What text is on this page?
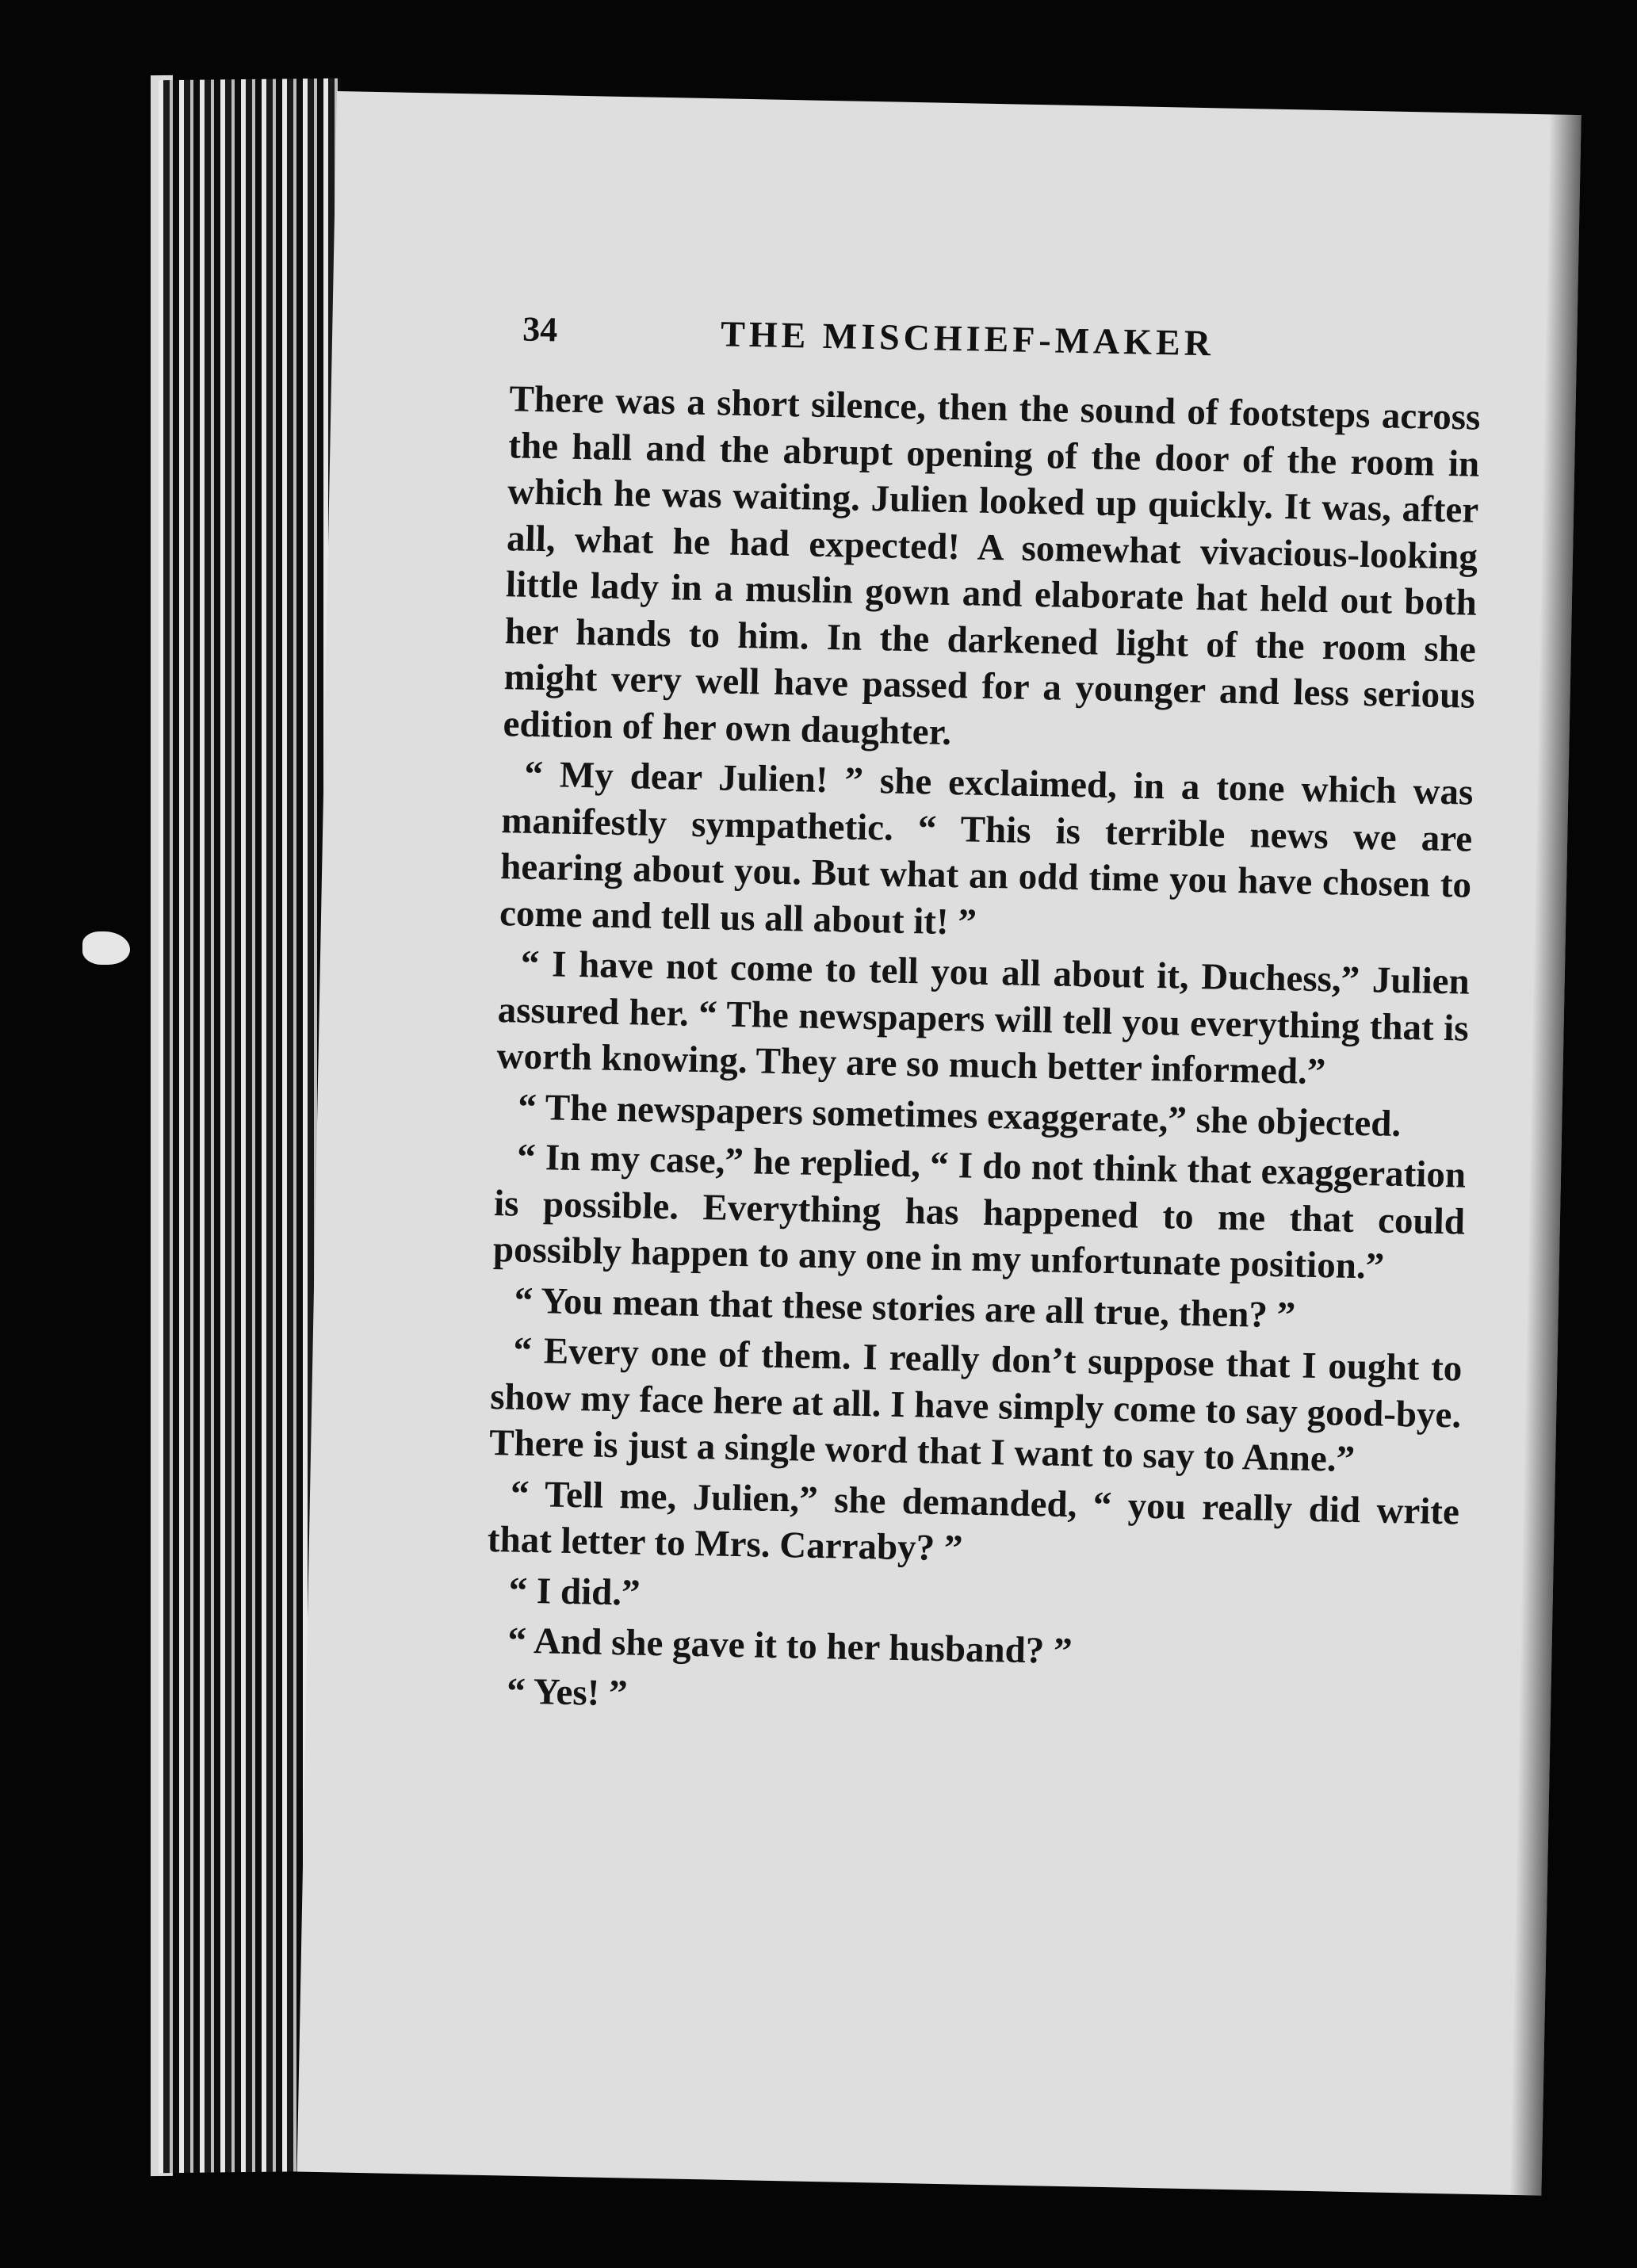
34	THE MISCHIEF-MAKER

There was a short silence, then the sound of footsteps across the hall and the abrupt opening of the door of the room in which he was waiting. Julien looked up quickly. It was, after all, what he had expected! A somewhat vivacious-looking little lady in a muslin gown and elaborate hat held out both her hands to him. In the darkened light of the room she might very well have passed for a younger and less serious edition of her own daughter.

“ My dear Julien! ” she exclaimed, in a tone which was manifestly sympathetic. “ This is terrible news we are hearing about you. But what an odd time you have chosen to come and tell us all about it! ”

“ I have not come to tell you all about it, Duchess,” Julien assured her. “ The newspapers will tell you everything that is worth knowing. They are so much better informed.”

“ The newspapers sometimes exaggerate,” she objected.

“ In my case,” he replied, “ I do not think that exaggeration is possible. Everything has happened to me that could possibly happen to any one in my unfortunate position.”

“ You mean that these stories are all true, then? ”

“ Every one of them. I really don’t suppose that I ought to show my face here at all. I have simply come to say good-bye. There is just a single word that I want to say to Anne.”

“ Tell me, Julien,” she demanded, “ you really did write that letter to Mrs. Carraby? ”

“ I did.”

“ And she gave it to her husband? ”

“ Yes! ”
